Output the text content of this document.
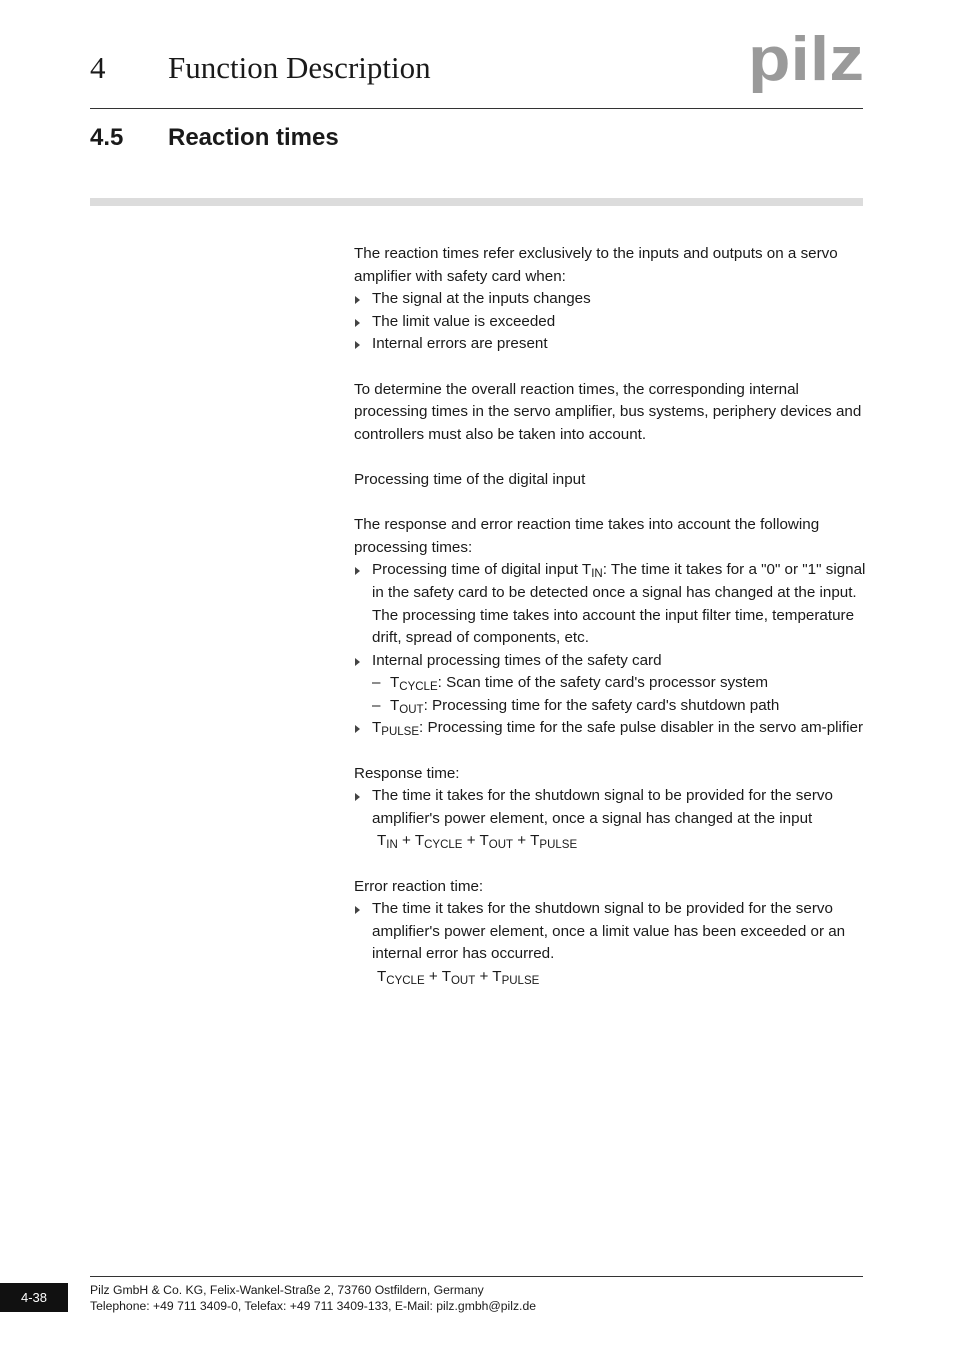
4 Function Description	pilz
4.5 Reaction times

The reaction times refer exclusively to the inputs and outputs on a servo amplifier with safety card when:

The signal at the inputs changes
The limit value is exceeded
Internal errors are present

To determine the overall reaction times, the corresponding internal processing times in the servo amplifier, bus systems, periphery devices and controllers must also be taken into account.

Processing time of the digital input

The response and error reaction time takes into account the following processing times:

Processing time of digital input $T_{IN}$: The time it takes for a "0" or "1" signal in the safety card to be detected once a signal has changed at the input. The processing time takes into account the input filter time, temperature drift, spread of components, etc.
Internal processing times of the safety card
– $T_{CYCLE}$: Scan time of the safety card's processor system
– $T_{OUT}$: Processing time for the safety card's shutdown path
$T_{PULSE}$: Processing time for the safe pulse disabler in the servo am-plifier

Response time:

The time it takes for the shutdown signal to be provided for the servo amplifier's power element, once a signal has changed at the input
$T_{IN} + T_{CYCLE} + T_{OUT} + T_{PULSE}$

Error reaction time:

The time it takes for the shutdown signal to be provided for the servo amplifier's power element, once a limit value has been exceeded or an internal error has occurred.
$T_{CYCLE} + T_{OUT} + T_{PULSE}$
4-38	Pilz GmbH & Co. KG, Felix-Wankel-Straße 2, 73760 Ostfildern, Germany
Telephone: +49 711 3409-0, Telefax: +49 711 3409-133, E-Mail: pilz.gmbh@pilz.de
